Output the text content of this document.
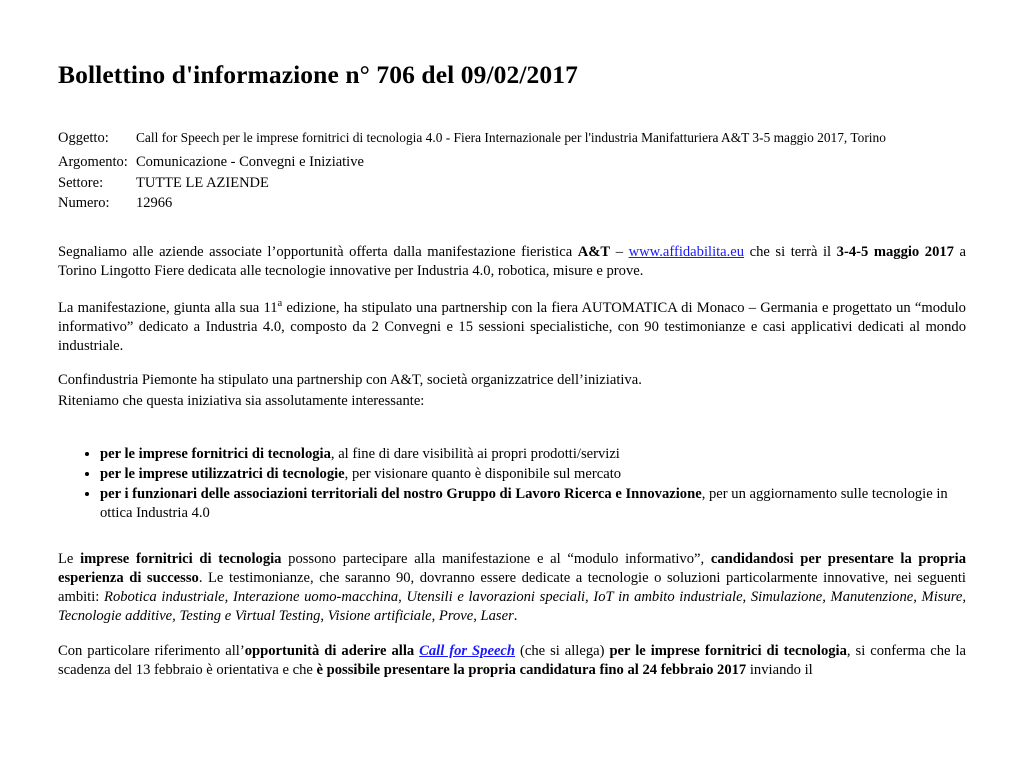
Bollettino d'informazione n° 706 del 09/02/2017
Oggetto:	Call for Speech per le imprese fornitrici di tecnologia 4.0 - Fiera Internazionale per l'industria Manifatturiera A&T 3-5 maggio 2017, Torino
Argomento: Comunicazione - Convegni e Iniziative
Settore:	TUTTE LE AZIENDE
Numero:	12966

Segnaliamo alle aziende associate l’opportunità offerta dalla manifestazione fieristica A&T – www.affidabilita.eu che si terrà il 3-4-5 maggio 2017 a Torino Lingotto Fiere dedicata alle tecnologie innovative per Industria 4.0, robotica, misure e prove.

La manifestazione, giunta alla sua 11$^a$ edizione, ha stipulato una partnership con la fiera AUTOMATICA di Monaco – Germania e progettato un “modulo informativo” dedicato a Industria 4.0, composto da 2 Convegni e 15 sessioni specialistiche, con 90 testimonianze e casi applicativi dedicati al mondo industriale.

Confindustria Piemonte ha stipulato una partnership con A&T, società organizzatrice dell’iniziativa.

Riteniamo che questa iniziativa sia assolutamente interessante:

• per le imprese fornitrici di tecnologia, al fine di dare visibilità ai propri prodotti/servizi
• per le imprese utilizzatrici di tecnologie, per visionare quanto è disponibile sul mercato
• per i funzionari delle associazioni territoriali del nostro Gruppo di Lavoro Ricerca e Innovazione, per un aggiornamento sulle tecnologie in ottica Industria 4.0

Le imprese fornitrici di tecnologia possono partecipare alla manifestazione e al “modulo informativo”, candidandosi per presentare la propria esperienza di successo. Le testimonianze, che saranno 90, dovranno essere dedicate a tecnologie o soluzioni particolarmente innovative, nei seguenti ambiti: Robotica industriale, Interazione uomo-macchina, Utensili e lavorazioni speciali, IoT in ambito industriale, Simulazione, Manutenzione, Misure, Tecnologie additive, Testing e Virtual Testing, Visione artificiale, Prove, Laser.

Con particolare riferimento all’opportunità di aderire alla Call for Speech (che si allega) per le imprese fornitrici di tecnologia, si conferma che la scadenza del 13 febbraio è orientativa e che è possibile presentare la propria candidatura fino al 24 febbraio 2017 inviando il
